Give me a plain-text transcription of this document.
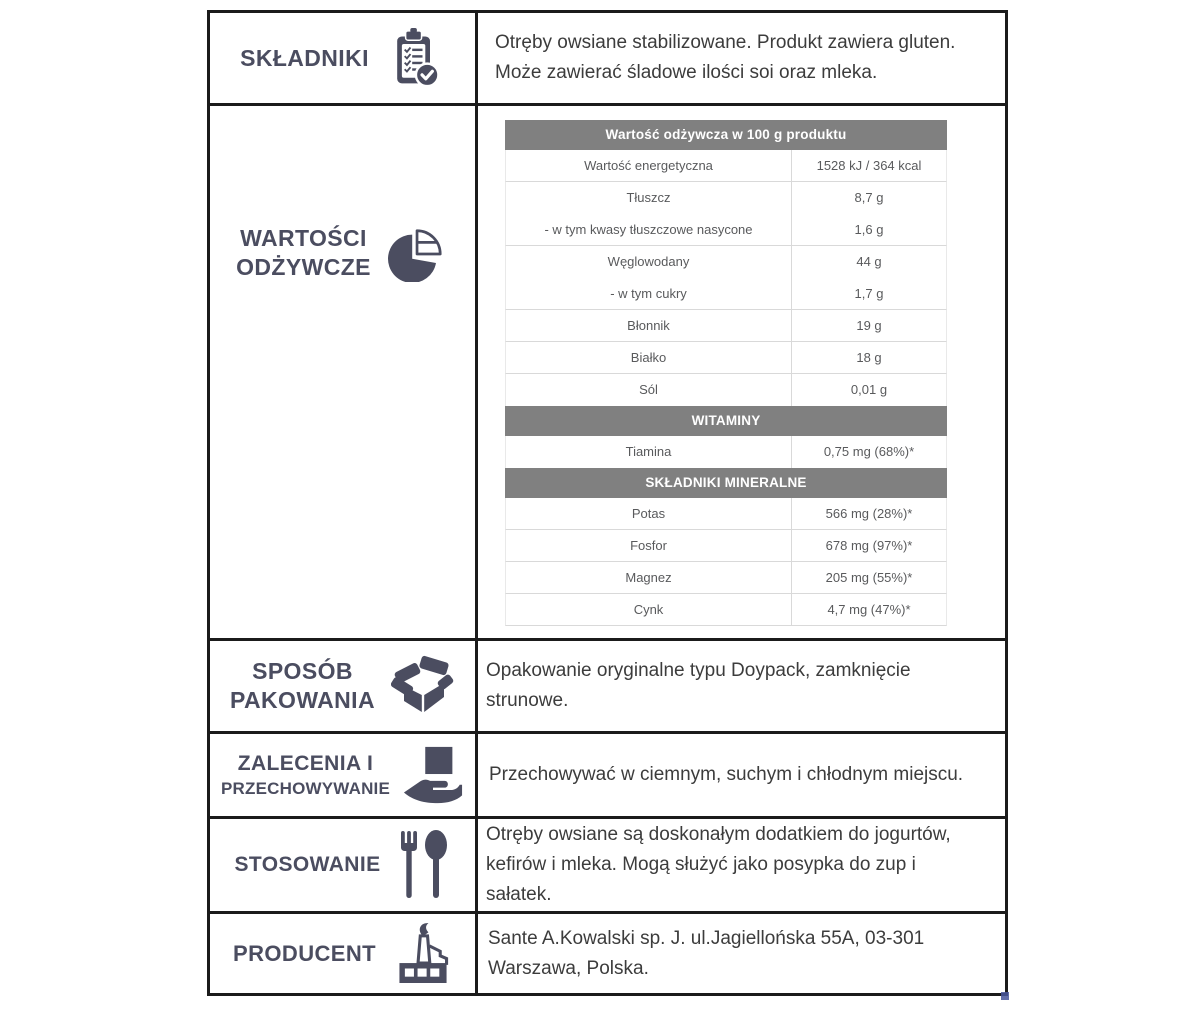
SKŁADNIKI
Otręby owsiane stabilizowane. Produkt zawiera gluten.
Może zawierać śladowe ilości soi oraz mleka.
WARTOŚCI
ODŻYWCZE
Wartość odżywcza w 100 g produktu
Wartość energetyczna	1528 kJ / 364 kcal
Tłuszcz	8,7 g
- w tym kwasy tłuszczowe nasycone	1,6 g
Węglowodany	44 g
- w tym cukry	1,7 g
Błonnik	19 g
Białko	18 g
Sól	0,01 g
WITAMINY
Tiamina	0,75 mg (68%)*
SKŁADNIKI MINERALNE
Potas	566 mg (28%)*
Fosfor	678 mg (97%)*
Magnez	205 mg (55%)*
Cynk	4,7 mg (47%)*
SPOSÓB
PAKOWANIA
Opakowanie oryginalne typu Doypack, zamknięcie
strunowe.
ZALECENIA I
PRZECHOWYWANIE
Przechowywać w ciemnym, suchym i chłodnym miejscu.
STOSOWANIE
Otręby owsiane są doskonałym dodatkiem do jogurtów,
kefirów i mleka. Mogą służyć jako posypka do zup i
sałatek.
PRODUCENT
Sante A.Kowalski sp. J. ul.Jagiellońska 55A, 03-301
Warszawa, Polska.
